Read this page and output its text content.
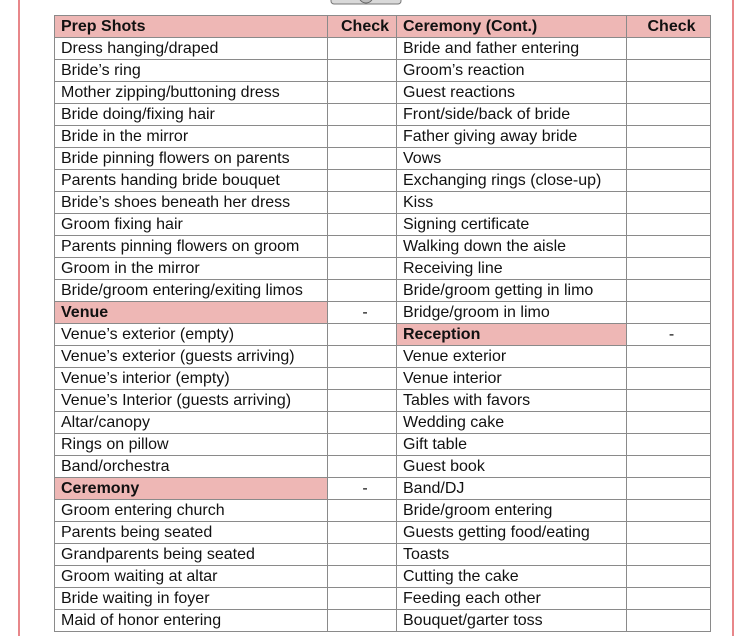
Prep Shots	Check	Ceremony (Cont.)	Check
Dress hanging/draped		Bride and father entering	
Bride’s ring		Groom’s reaction	
Mother zipping/buttoning dress		Guest reactions	
Bride doing/fixing hair		Front/side/back of bride	
Bride in the mirror		Father giving away bride	
Bride pinning flowers on parents		Vows	
Parents handing bride bouquet		Exchanging rings (close-up)	
Bride’s shoes beneath her dress		Kiss	
Groom fixing hair		Signing certificate	
Parents pinning flowers on groom		Walking down the aisle	
Groom in the mirror		Receiving line	
Bride/groom entering/exiting limos		Bride/groom getting in limo	
Venue	-	Bridge/groom in limo	
Venue’s exterior (empty)		Reception	-
Venue’s exterior (guests arriving)		Venue exterior	
Venue’s interior (empty)		Venue interior	
Venue’s Interior (guests arriving)		Tables with favors	
Altar/canopy		Wedding cake	
Rings on pillow		Gift table	
Band/orchestra		Guest book	
Ceremony	-	Band/DJ	
Groom entering church		Bride/groom entering	
Parents being seated		Guests getting food/eating	
Grandparents being seated		Toasts	
Groom waiting at altar		Cutting the cake	
Bride waiting in foyer		Feeding each other	
Maid of honor entering		Bouquet/garter toss	
